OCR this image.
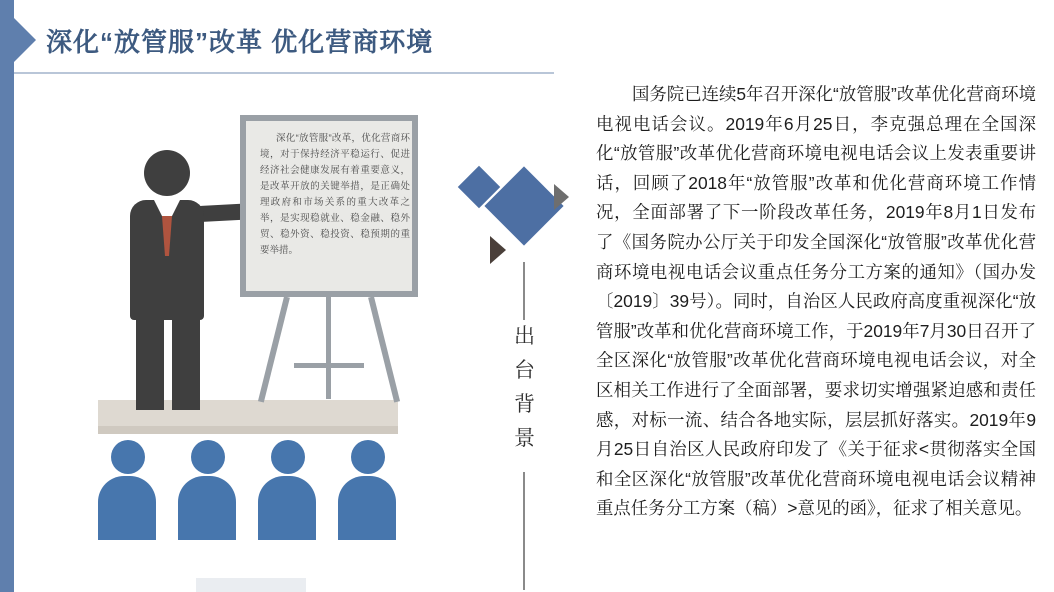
深化“放管服”改革 优化营商环境
深化“放管服”改革，优化营商环境，对于保持经济平稳运行、促进经济社会健康发展有着重要意义，是改革开放的关键举措，是正确处理政府和市场关系的重大改革之举，是实现稳就业、稳金融、稳外贸、稳外资、稳投资、稳预期的重要举措。
出台背景
国务院已连续5年召开深化“放管服”改革优化营商环境电视电话会议。2019年6月25日，李克强总理在全国深化“放管服”改革优化营商环境电视电话会议上发表重要讲话，回顾了2018年“放管服”改革和优化营商环境工作情况，全面部署了下一阶段改革任务，2019年8月1日发布了《国务院办公厅关于印发全国深化“放管服”改革优化营商环境电视电话会议重点任务分工方案的通知》（国办发〔2019〕39号）。同时，自治区人民政府高度重视深化“放管服”改革和优化营商环境工作，于2019年7月30日召开了全区深化“放管服”改革优化营商环境电视电话会议，对全区相关工作进行了全面部署，要求切实增强紧迫感和责任感，对标一流、结合各地实际，层层抓好落实。2019年9月25日自治区人民政府印发了《关于征求<贯彻落实全国和全区深化“放管服”改革优化营商环境电视电话会议精神重点任务分工方案（稿）>意见的函》，征求了相关意见。
